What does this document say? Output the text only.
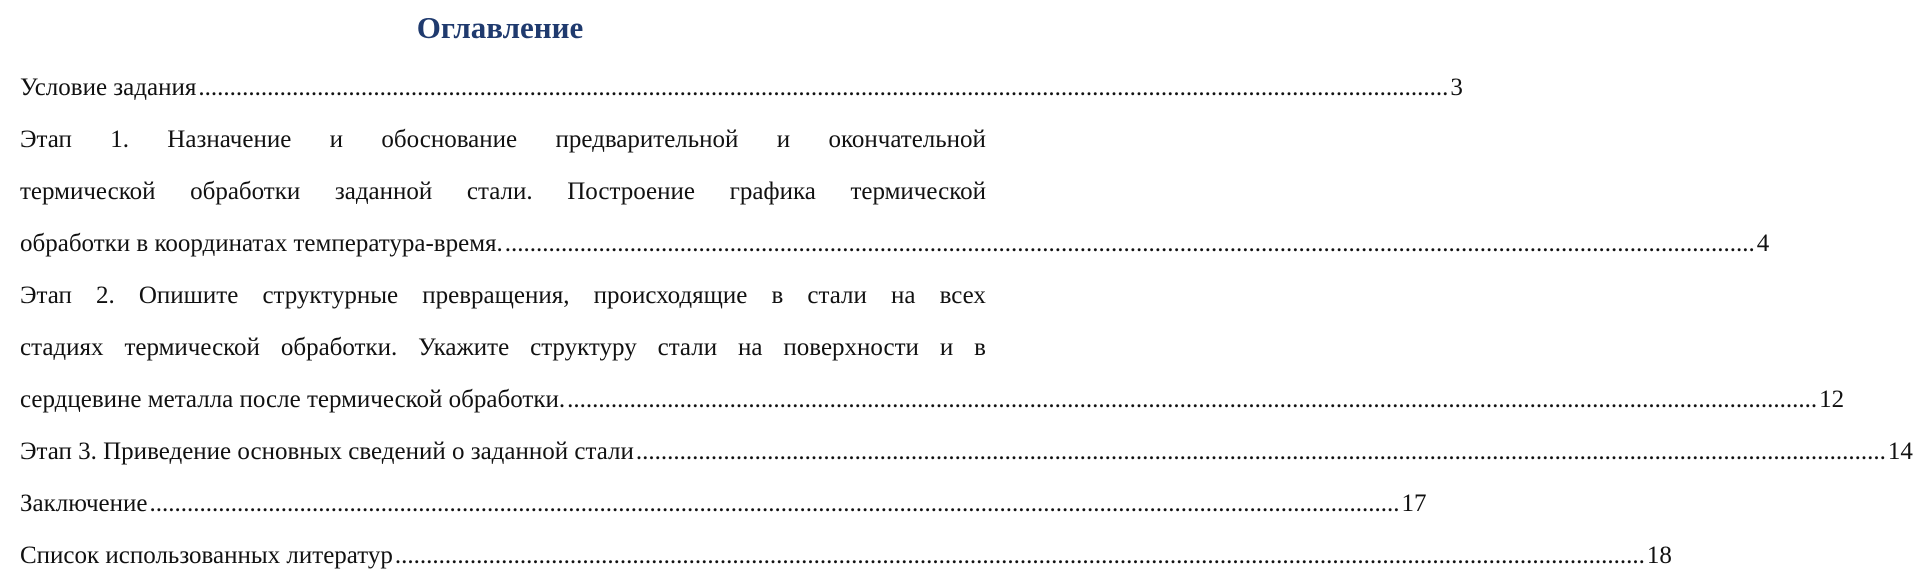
Оглавление
Условие задания ........................................................................................................................................................................................................ 3
Этап 1. Назначение и обоснование предварительной и окончательной
термической обработки заданной стали. Построение графика термической
обработки в координатах температура-время. ........................................................................................................................................................................................................ 4
Этап 2. Опишите структурные превращения, происходящие в стали на всех
стадиях термической обработки. Укажите структуру стали на поверхности и в
сердцевине металла после термической обработки. ........................................................................................................................................................................................................ 12
Этап 3. Приведение основных сведений о заданной стали ........................................................................................................................................................................................................ 14
Заключение ........................................................................................................................................................................................................ 17
Список использованных литератур ........................................................................................................................................................................................................ 18
